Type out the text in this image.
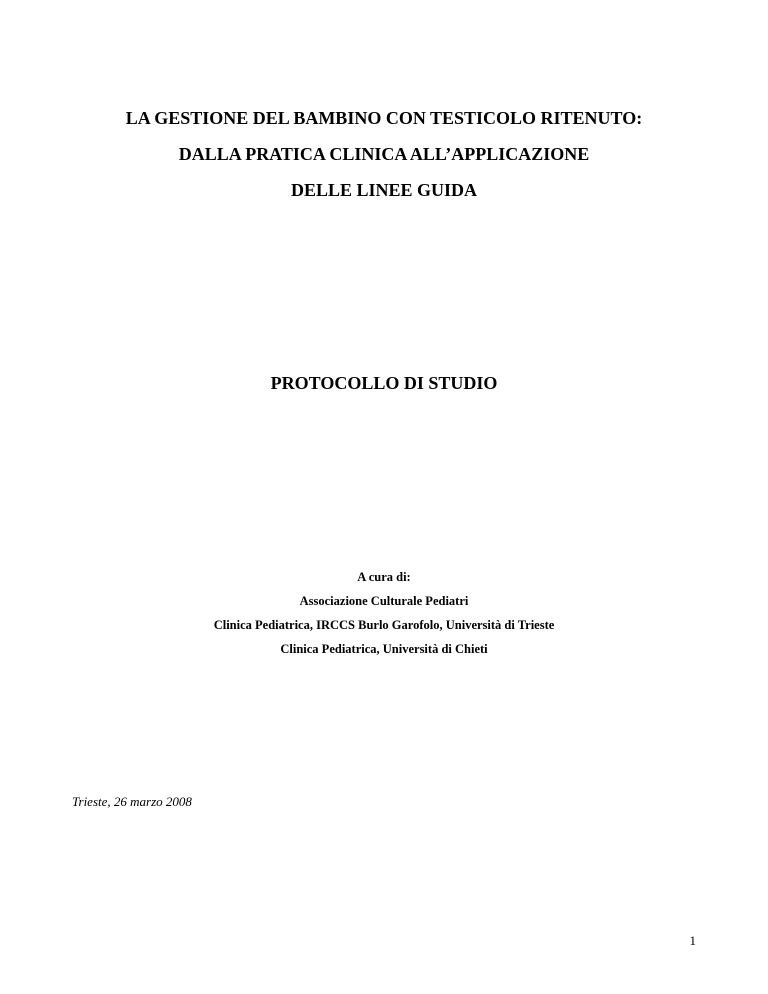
LA GESTIONE DEL BAMBINO CON TESTICOLO RITENUTO:
DALLA PRATICA CLINICA ALL’APPLICAZIONE
DELLE LINEE GUIDA
PROTOCOLLO DI STUDIO
A cura di:
Associazione Culturale Pediatri
Clinica Pediatrica, IRCCS Burlo Garofolo, Università di Trieste
Clinica Pediatrica, Università di Chieti
Trieste, 26 marzo 2008
1
